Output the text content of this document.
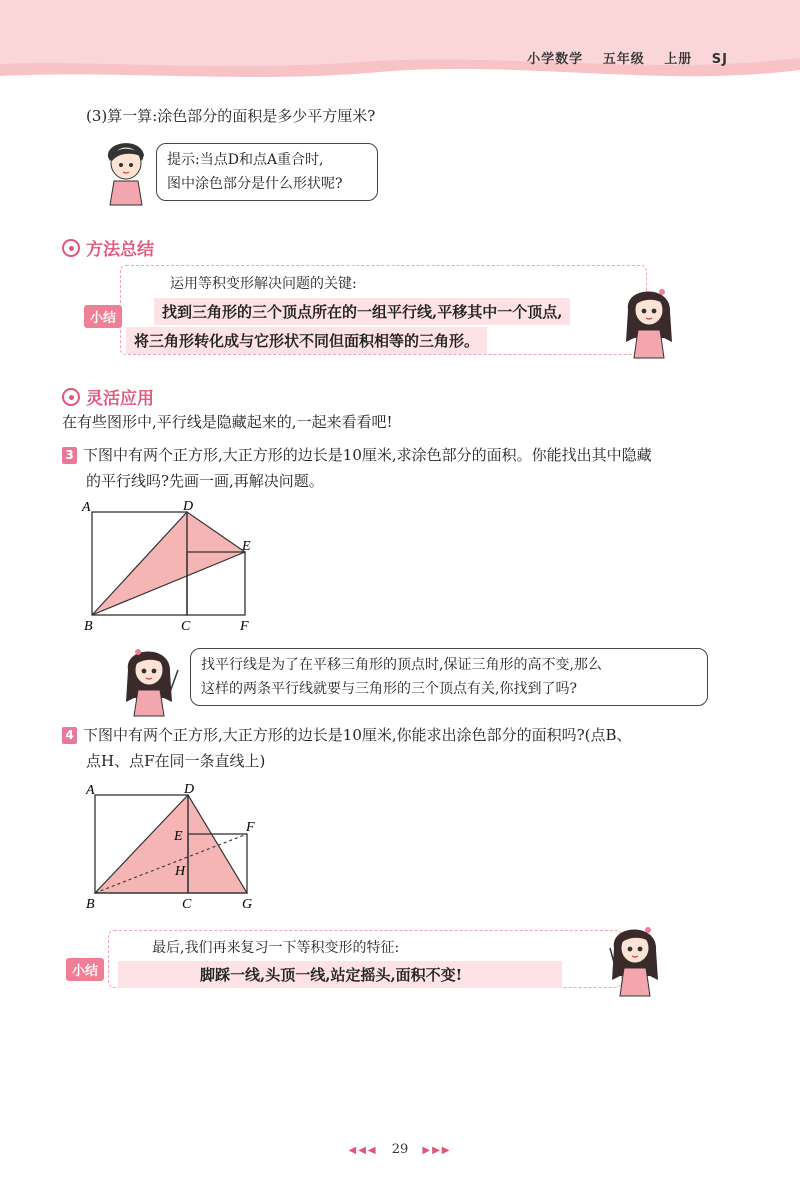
小学数学 五年级 上册 SJ
(3)算一算:涂色部分的面积是多少平方厘米?
提示:当点D和点A重合时,
图中涂色部分是什么形状呢?
方法总结
小结
运用等积变形解决问题的关键:
找到三角形的三个顶点所在的一组平行线,平移其中一个顶点,
将三角形转化成与它形状不同但面积相等的三角形。
灵活应用
在有些图形中,平行线是隐藏起来的,一起来看看吧!
3 下图中有两个正方形,大正方形的边长是10厘米,求涂色部分的面积。你能找出其中隐藏
的平行线吗?先画一画,再解决问题。
A	D
E
B	C	F
找平行线是为了在平移三角形的顶点时,保证三角形的高不变,那么
这样的两条平行线就要与三角形的三个顶点有关,你找到了吗?
4 下图中有两个正方形,大正方形的边长是10厘米,你能求出涂色部分的面积吗?(点B、
点H、点F在同一条直线上)
A	D
E
F
H
B	C	G
小结
最后,我们再来复习一下等积变形的特征:
脚踩一线,头顶一线,站定摇头,面积不变!
◀◀◀ 29 ▶▶▶
